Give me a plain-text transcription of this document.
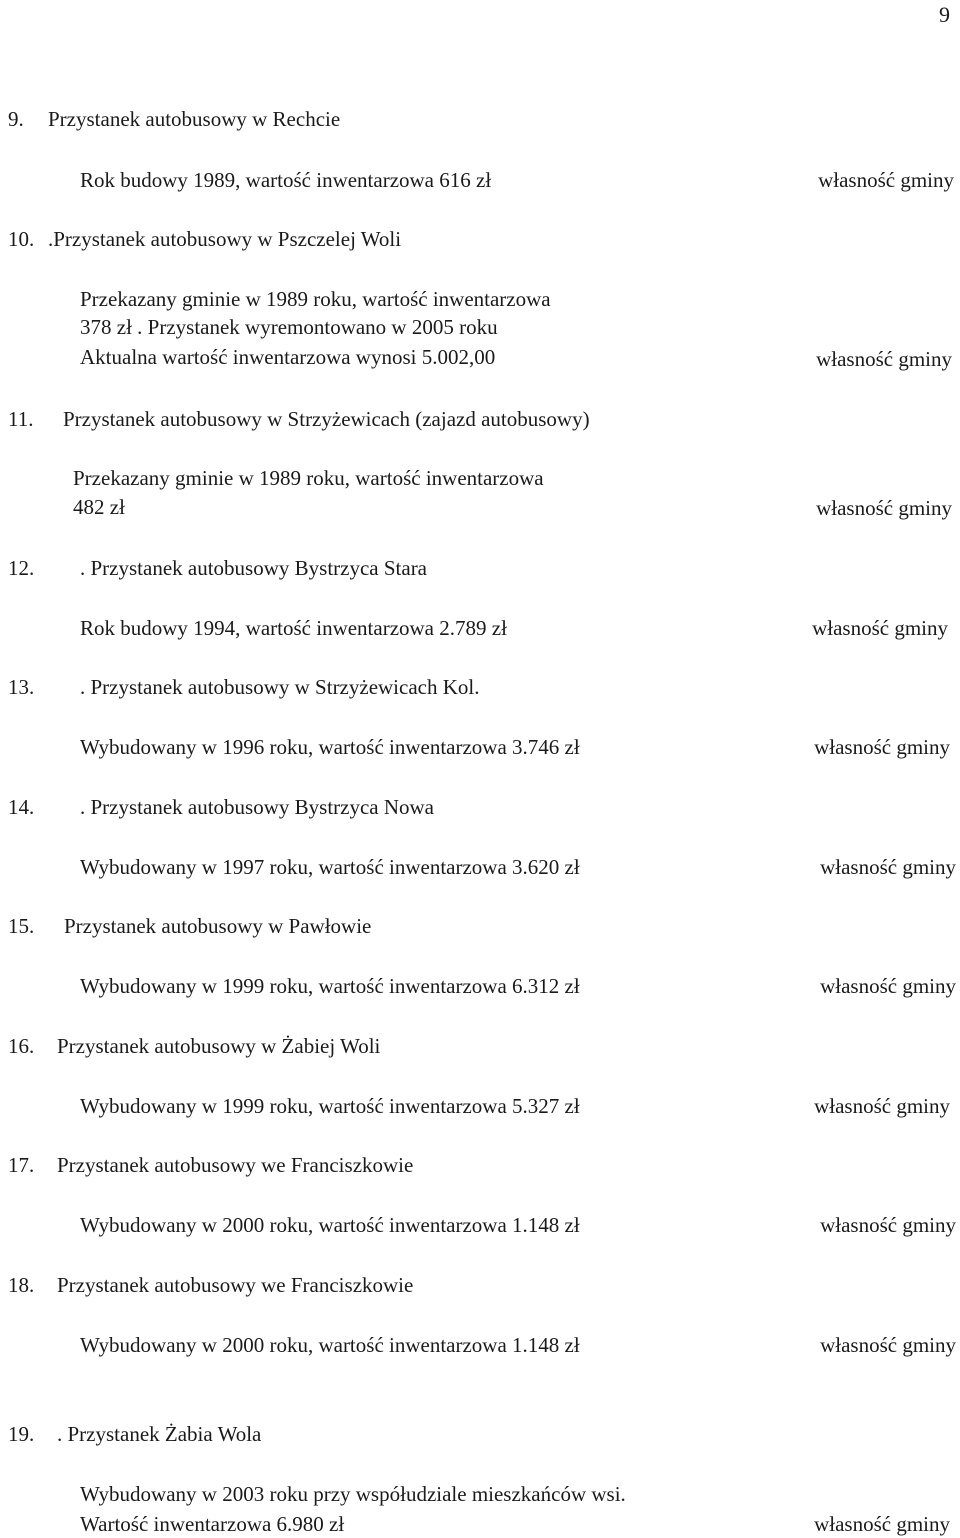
9
9. Przystanek autobusowy w Rechcie
Rok budowy 1989, wartość inwentarzowa 616 zł	własność gminy
10. .Przystanek autobusowy w Pszczelej Woli
Przekazany gminie w 1989 roku, wartość inwentarzowa
378 zł . Przystanek wyremontowano w 2005 roku
Aktualna wartość inwentarzowa wynosi 5.002,00	własność gminy
11. Przystanek autobusowy w Strzyżewicach (zajazd autobusowy)
Przekazany gminie w 1989 roku, wartość inwentarzowa
482 zł	własność gminy
12. . Przystanek autobusowy Bystrzyca Stara
Rok budowy 1994, wartość inwentarzowa 2.789 zł	własność gminy
13. . Przystanek autobusowy w Strzyżewicach Kol.
Wybudowany w 1996 roku, wartość inwentarzowa 3.746 zł	własność gminy
14. . Przystanek autobusowy Bystrzyca Nowa
Wybudowany w 1997 roku, wartość inwentarzowa 3.620 zł	własność gminy
15. Przystanek autobusowy w Pawłowie
Wybudowany w 1999 roku, wartość inwentarzowa 6.312 zł	własność gminy
16. Przystanek autobusowy w Żabiej Woli
Wybudowany w 1999 roku, wartość inwentarzowa 5.327 zł	własność gminy
17. Przystanek autobusowy we Franciszkowie
Wybudowany w 2000 roku, wartość inwentarzowa 1.148 zł	własność gminy
18. Przystanek autobusowy we Franciszkowie
Wybudowany w 2000 roku, wartość inwentarzowa 1.148 zł	własność gminy
19. . Przystanek Żabia Wola
Wybudowany w 2003 roku przy współudziale mieszkańców wsi.
Wartość inwentarzowa 6.980 zł	własność gminy
